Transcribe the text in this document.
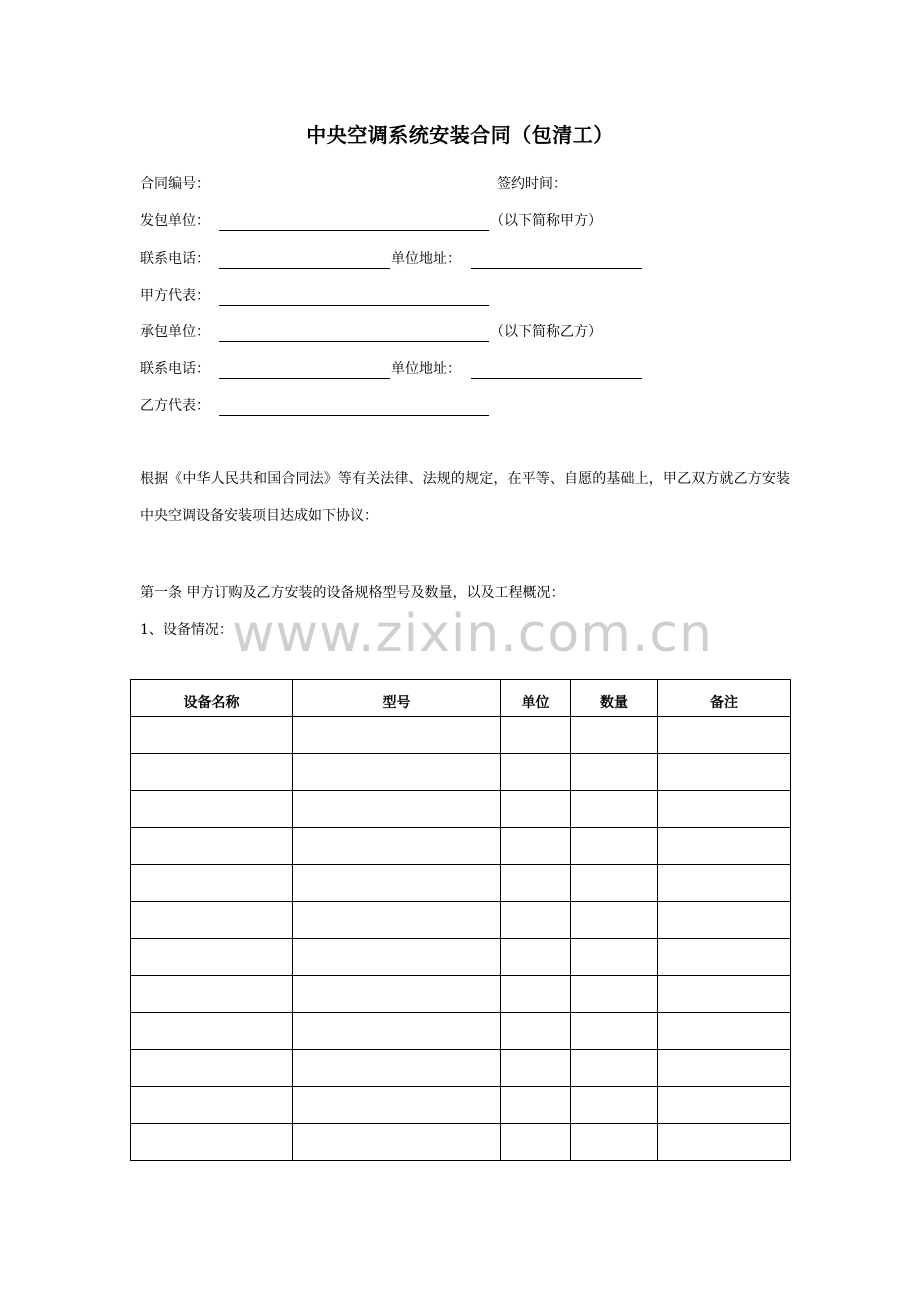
中央空调系统安装合同（包清工）
合同编号：	签约时间：
发包单位：	（以下简称甲方）
联系电话：	单位地址：
甲方代表：
承包单位：	（以下简称乙方）
联系电话：	单位地址：
乙方代表：
根据《中华人民共和国合同法》等有关法律、法规的规定，在平等、自愿的基础上，甲乙双方就乙方安装中央空调设备安装项目达成如下协议：
第一条 甲方订购及乙方安装的设备规格型号及数量，以及工程概况：
1、设备情况： www.zixin.com.cn
设备名称	型号	单位	数量	备注
